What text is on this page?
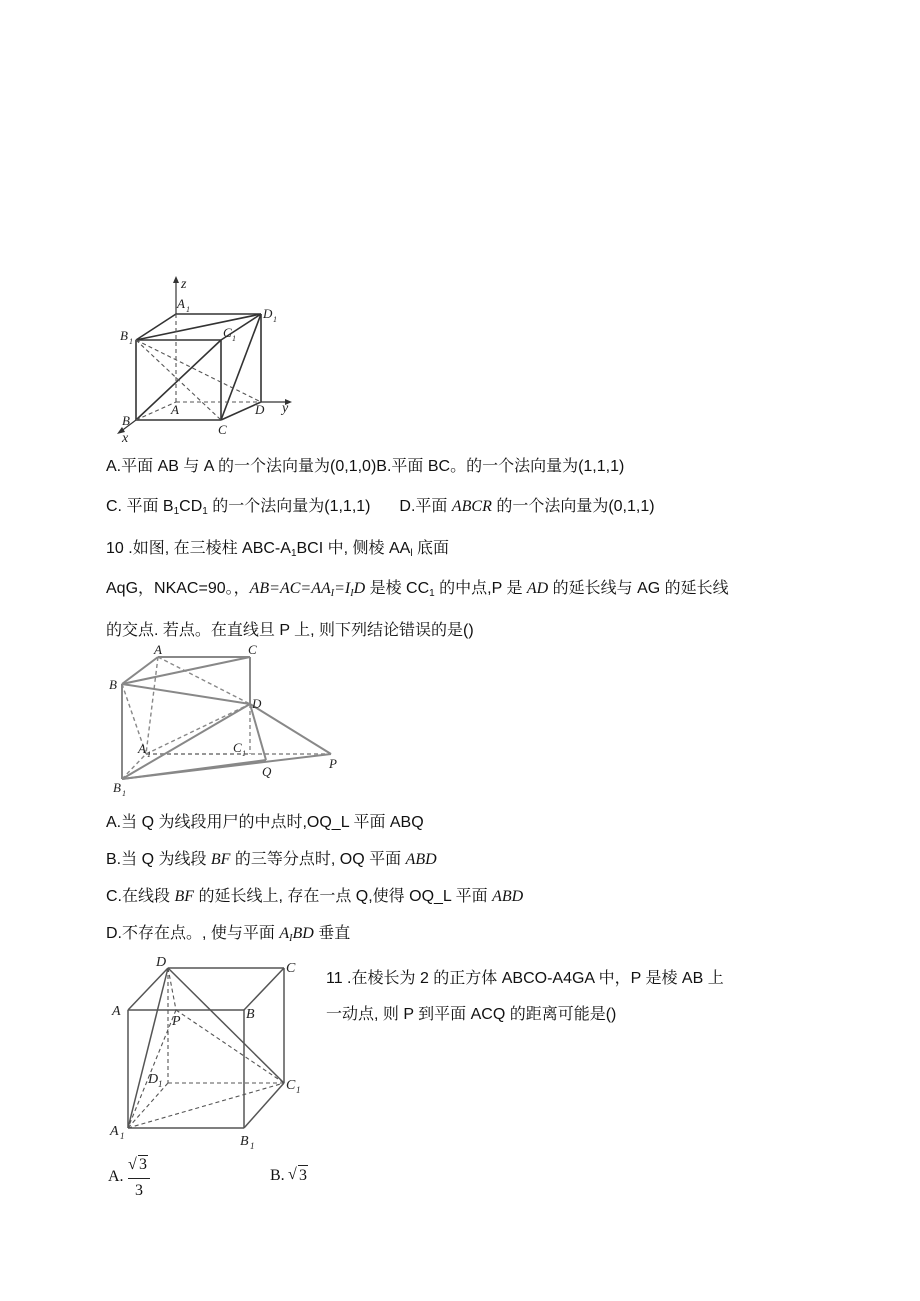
z
y
x
A 1	D 1
B 1
C 1
A
B
C
D
A.平面 AB 与 A 的一个法向量为(0,1,0)B.平面 BC。的一个法向量为(1,1,1)
C. 平面 $B_1CD_1$ 的一个法向量为(1,1,1) D.平面 ABCR 的一个法向量为(0,1,1)
10 .如图, 在三棱柱 ABC-$A_1BCI$ 中, 侧棱 $AA_l$ 底面
AqG，NKAC=90。，$AB=AC=AA_I=I_ID$ 是棱 $CC_1$ 的中点,P 是 AD 的延长线与 AG 的延长线
的交点. 若点。在直线旦 P 上, 则下列结论错误的是()
A	C
B
D
A 1	C 1
B 1
Q
P
A.当 Q 为线段用尸的中点时,OQ_L 平面 ABQ
B.当 Q 为线段 BF 的三等分点时, OQ 平面 ABD
C.在线段 BF 的延长线上, 存在一点 Q,使得 OQ_L 平面 ABD
D.不存在点。, 使与平面 $A_IBD$ 垂直
D	C
A
P	B
D 1	C 1
A 1	B 1
11 .在棱长为 2 的正方体 ABCO-A4GA 中，P 是棱 AB 上
一动点, 则 P 到平面 ACQ 的距离可能是()
A.
√ 3
3
B. √ 3
